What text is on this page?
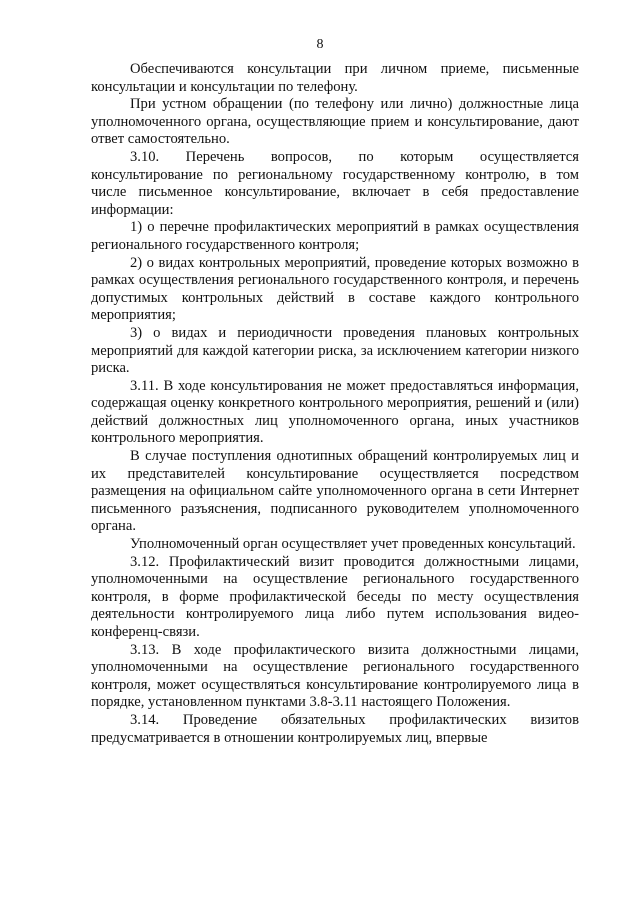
8

Обеспечиваются консультации при личном приеме, письменные консультации и консультации по телефону.

При устном обращении (по телефону или лично) должностные лица уполномоченного органа, осуществляющие прием и консультирование, дают ответ самостоятельно.

3.10. Перечень вопросов, по которым осуществляется консультирование по региональному государственному контролю, в том числе письменное консультирование, включает в себя предоставление информации:

1) о перечне профилактических мероприятий в рамках осуществления регионального государственного контроля;

2) о видах контрольных мероприятий, проведение которых возможно в рамках осуществления регионального государственного контроля, и перечень допустимых контрольных действий в составе каждого контрольного мероприятия;

3) о видах и периодичности проведения плановых контрольных мероприятий для каждой категории риска, за исключением категории низкого риска.

3.11. В ходе консультирования не может предоставляться информация, содержащая оценку конкретного контрольного мероприятия, решений и (или) действий должностных лиц уполномоченного органа, иных участников контрольного мероприятия.

В случае поступления однотипных обращений контролируемых лиц и их представителей консультирование осуществляется посредством размещения на официальном сайте уполномоченного органа в сети Интернет письменного разъяснения, подписанного руководителем уполномоченного органа.

Уполномоченный орган осуществляет учет проведенных консультаций.

3.12. Профилактический визит проводится должностными лицами, уполномоченными на осуществление регионального государственного контроля, в форме профилактической беседы по месту осуществления деятельности контролируемого лица либо путем использования видео-конференц-связи.

3.13. В ходе профилактического визита должностными лицами, уполномоченными на осуществление регионального государственного контроля, может осуществляться консультирование контролируемого лица в порядке, установленном пунктами 3.8-3.11 настоящего Положения.

3.14. Проведение обязательных профилактических визитов предусматривается в отношении контролируемых лиц, впервые
